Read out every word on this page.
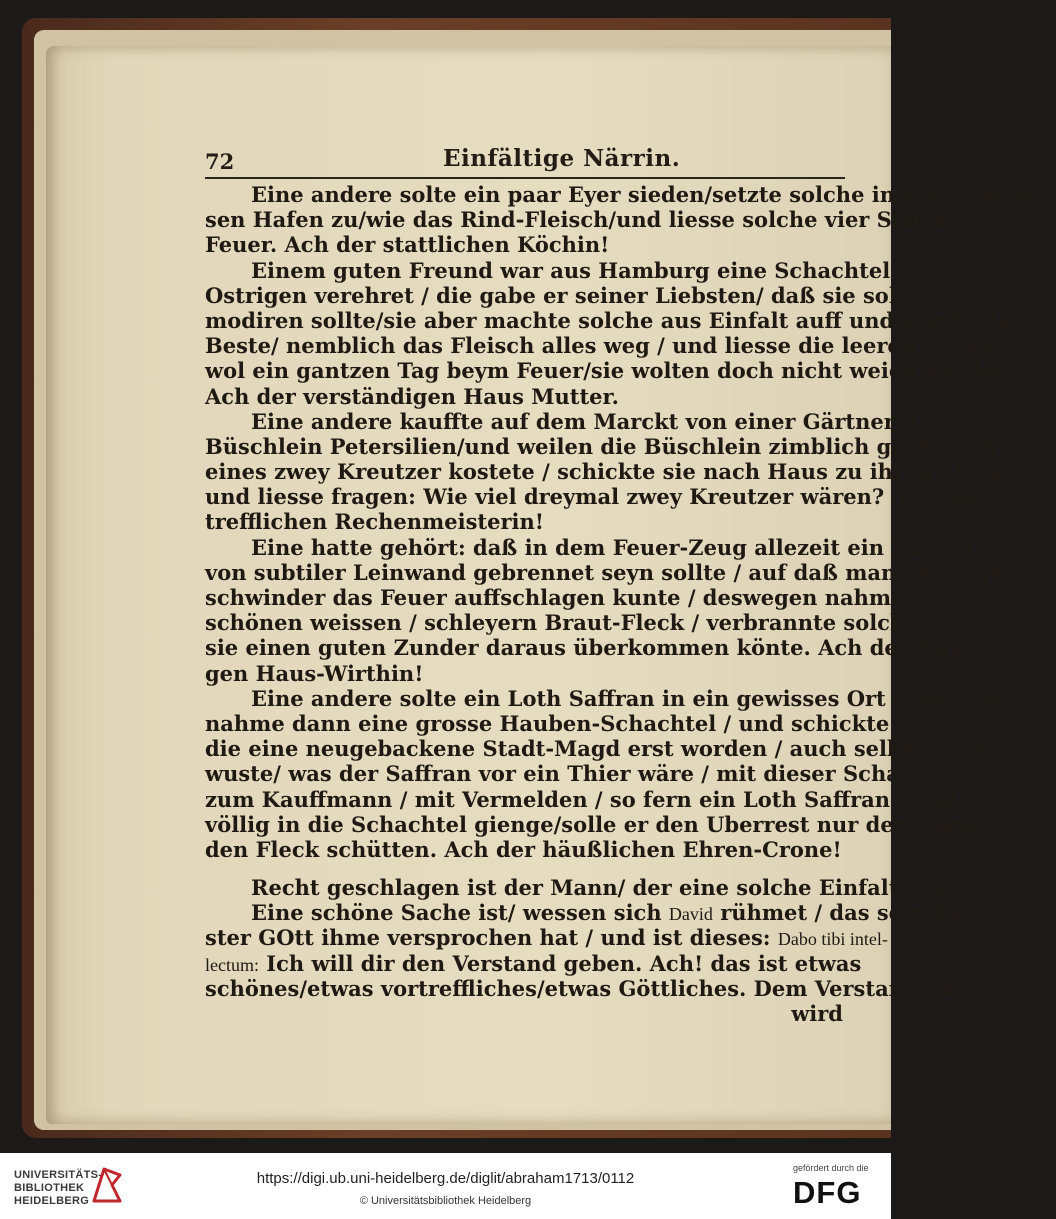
72	Einfältige Närrin.
Eine andere solte ein paar Eyer sieden/setzte solche in einem gros-
sen Hafen zu/wie das Rind-Fleisch/und liesse solche vier Stund beym
Feuer. Ach der stattlichen Köchin!
Einem guten Freund war aus Hamburg eine Schachtel mit
Ostrigen verehret / die gabe er seiner Liebsten/ daß sie solche acco-
modiren sollte/sie aber machte solche aus Einfalt auff und warffe das
Beste/ nemblich das Fleisch alles weg / und liesse die leeren Schalen
wol ein gantzen Tag beym Feuer/sie wolten doch nicht weich werden.
Ach der verständigen Haus Mutter.
Eine andere kauffte auf dem Marckt von einer Gärtnerin drey
Büschlein Petersilien/und weilen die Büschlein zimblich groß/auch
eines zwey Kreutzer kostete / schickte sie nach Haus zu ihren Liebsten /
und liesse fragen: Wie viel dreymal zwey Kreutzer wären? Ach der
trefflichen Rechenmeisterin!
Eine hatte gehört: daß in dem Feuer-Zeug allezeit ein Zunder
von subtiler Leinwand gebrennet seyn sollte / auf daß man desto ge-
schwinder das Feuer auffschlagen kunte / deswegen nahme sie ihren
schönen weissen / schleyern Braut-Fleck / verbrannte solchen / daß
sie einen guten Zunder daraus überkommen könte. Ach der fürsichti-
gen Haus-Wirthin!
Eine andere solte ein Loth Saffran in ein gewisses Ort schicken/
nahme dann eine grosse Hauben-Schachtel / und schickte die Magd /
die eine neugebackene Stadt-Magd erst worden / auch selbst nicht
wuste/ was der Saffran vor ein Thier wäre / mit dieser Schachtel
zum Kauffmann / mit Vermelden / so fern ein Loth Saffran nicht
völlig in die Schachtel gienge/solle er den Uberrest nur der Magd in
den Fleck schütten. Ach der häußlichen Ehren-Crone!
Recht geschlagen ist der Mann/ der eine solche Einfalt bekombt.
Eine schöne Sache ist/ wessen sich David rühmet / das sein lieb-
ster GOtt ihme versprochen hat / und ist dieses: Dabo tibi intel-
lectum: Ich will dir den Verstand geben. Ach! das ist etwas
schönes/etwas vortreffliches/etwas Göttliches. Dem Verstand nach
wird
UNIVERSITÄTS-
BIBLIOTHEK
HEIDELBERG
https://digi.ub.uni-heidelberg.de/diglit/abraham1713/0112
© Universitätsbibliothek Heidelberg
gefördert durch die
DFG
